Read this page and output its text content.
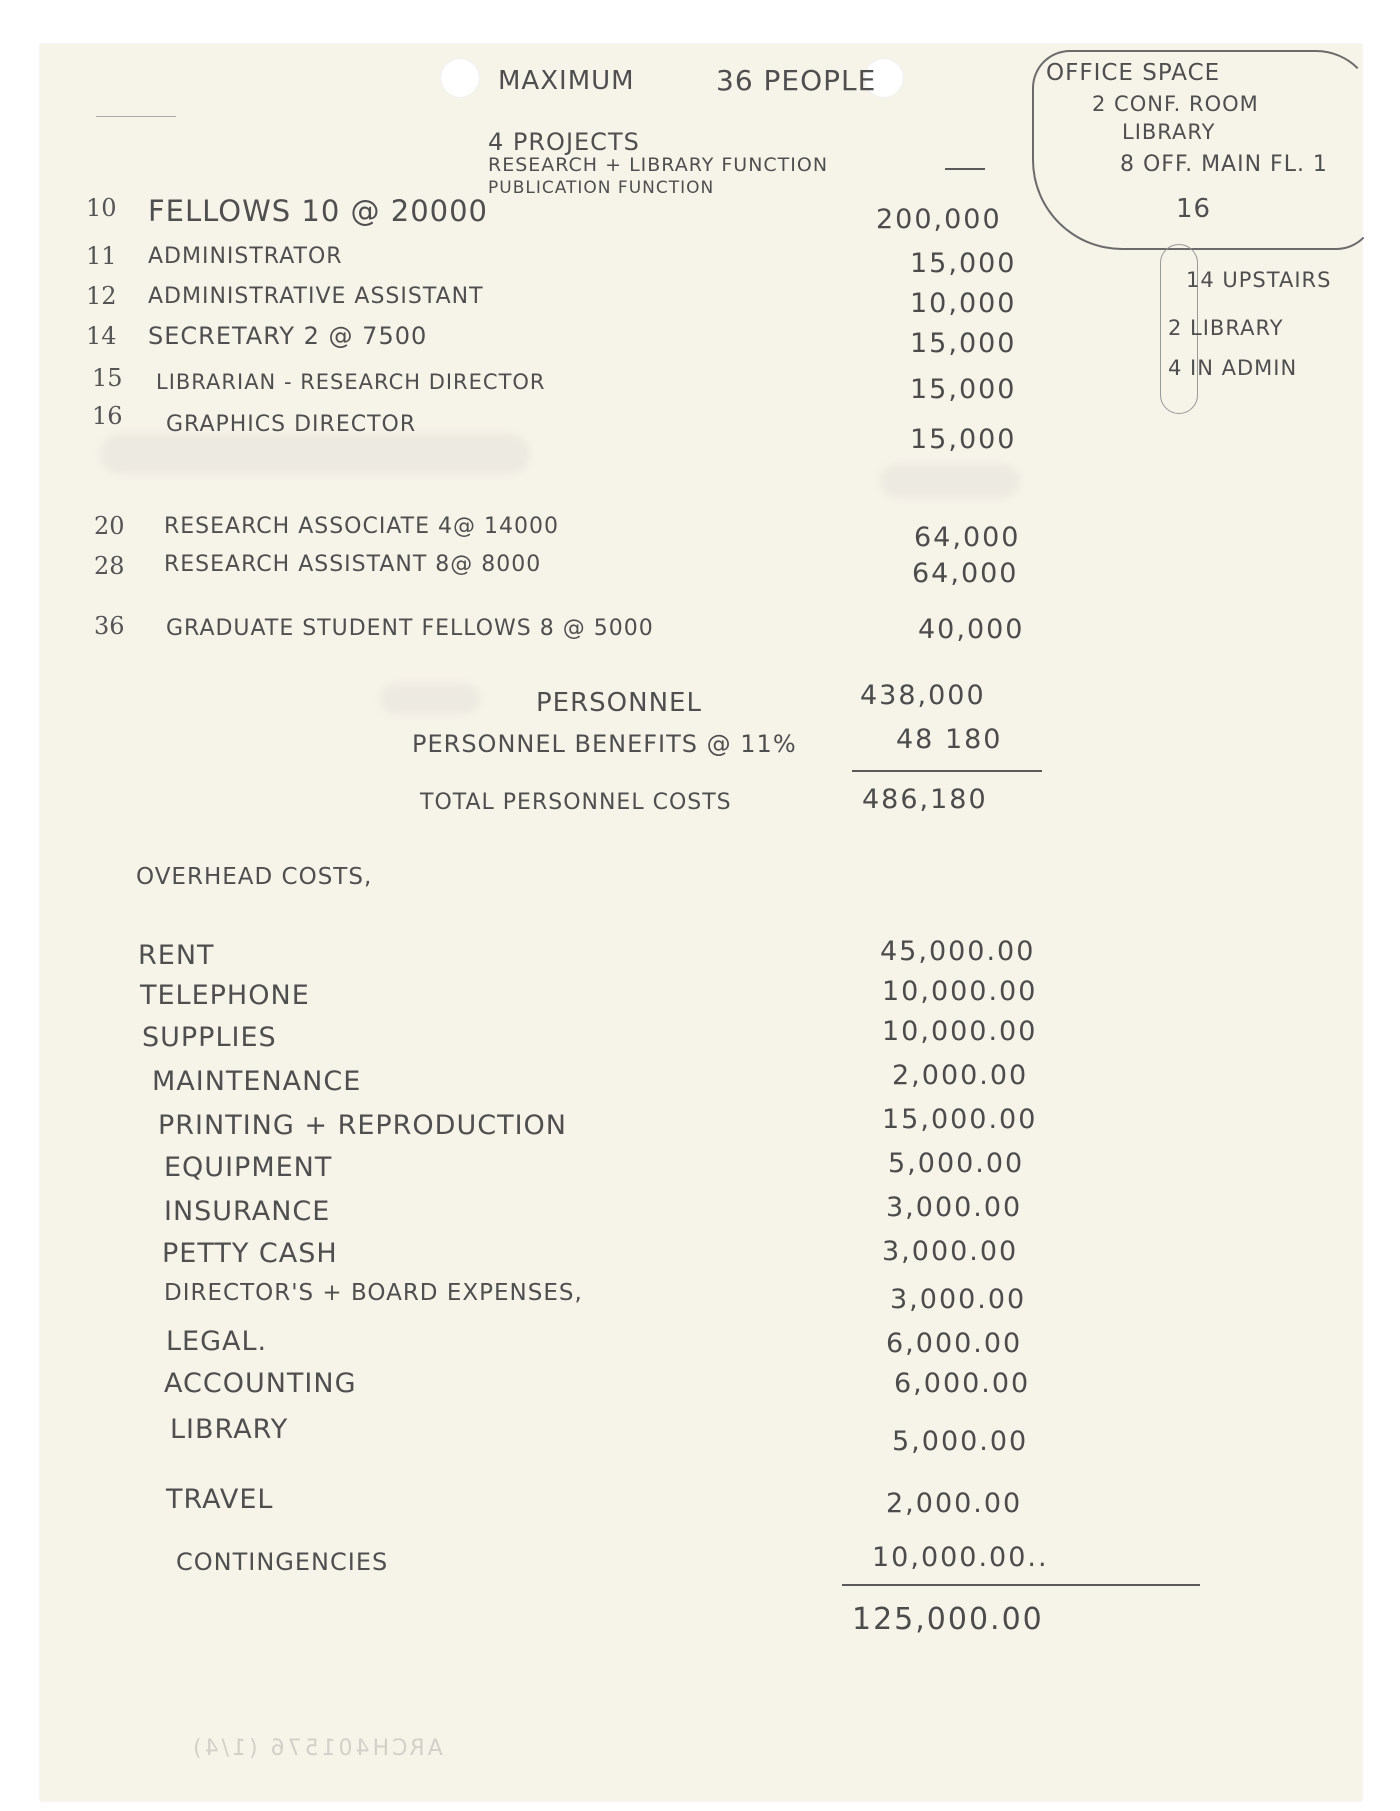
MAXIMUM	36 PEOPLE
4 PROJECTS
RESEARCH + LIBRARY FUNCTION
PUBLICATION FUNCTION
OFFICE SPACE
2 CONF. ROOM
LIBRARY
8 OFF. MAIN FL. 1
16
14 UPSTAIRS
2 LIBRARY
4 IN ADMIN
10 FELLOWS 10 @ 20000	200,000
11 ADMINISTRATOR	15,000
12 ADMINISTRATIVE ASSISTANT	10,000
14 SECRETARY 2 @ 7500	15,000
15 LIBRARIAN - RESEARCH DIRECTOR	15,000
16 GRAPHICS DIRECTOR	15,000
20 RESEARCH ASSOCIATE 4@ 14000	64,000
28 RESEARCH ASSISTANT 8@ 8000	64,000
36 GRADUATE STUDENT FELLOWS 8 @ 5000	40,000
PERSONNEL	438,000
PERSONNEL BENEFITS @ 11%	48 180
TOTAL PERSONNEL COSTS	486,180
OVERHEAD COSTS,
RENT	45,000.00
TELEPHONE	10,000.00
SUPPLIES	10,000.00
MAINTENANCE	2,000.00
PRINTING + REPRODUCTION	15,000.00
EQUIPMENT	5,000.00
INSURANCE	3,000.00
PETTY CASH	3,000.00
DIRECTOR'S + BOARD EXPENSES,	3,000.00
LEGAL.	6,000.00
ACCOUNTING	6,000.00
LIBRARY	5,000.00
TRAVEL	2,000.00
CONTINGENCIES	10,000.00..
125,000.00
ARCH401576 (1/4)
